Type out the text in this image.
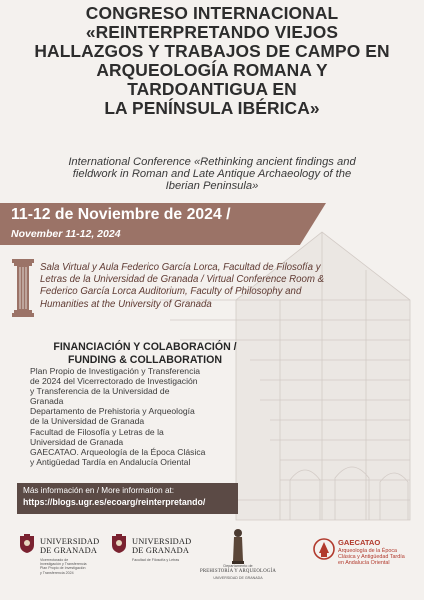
CONGRESO INTERNACIONAL
«REINTERPRETANDO VIEJOS
HALLAZGOS Y TRABAJOS DE CAMPO EN
ARQUEOLOGÍA ROMANA Y
TARDOANTIGUA EN
LA PENÍNSULA IBÉRICA»
International Conference «Rethinking ancient findings and
fieldwork in Roman and Late Antique Archaeology of the
Iberian Peninsula»
11-12 de Noviembre de 2024 /
November 11-12, 2024
Sala Virtual y Aula Federico García Lorca, Facultad de Filosofía y
Letras de la Universidad de Granada / Virtual Conference Room &
Federico García Lorca Auditorium, Faculty of Philosophy and
Humanities at the University of Granada
FINANCIACIÓN Y COLABORACIÓN /
FUNDING & COLLABORATION
Plan Propio de Investigación y Transferencia
de 2024 del Vicerrectorado de Investigación
y Transferencia de la Universidad de
Granada
Departamento de Prehistoria y Arqueología
de la Universidad de Granada
Facultad de Filosofía y Letras de la
Universidad de Granada
GAECATAO. Arqueología de la Época Clásica
y Antigüedad Tardía en Andalucía Oriental
Más información en / More information at:
https://blogs.ugr.es/ecoarg/reinterpretando/
UNIVERSIDAD
DE GRANADA
Vicerrectorado de
Investigación y Transferencia
Plan Propio de Investigación
y Transferencia 2024
UNIVERSIDAD
DE GRANADA
Facultad de Filosofía y Letras
Departamento de
PREHISTORIA Y ARQUEOLOGÍA
UNIVERSIDAD DE GRANADA
GAECATAO
Arqueología de la Época
Clásica y Antigüedad Tardía
en Andalucía Oriental
